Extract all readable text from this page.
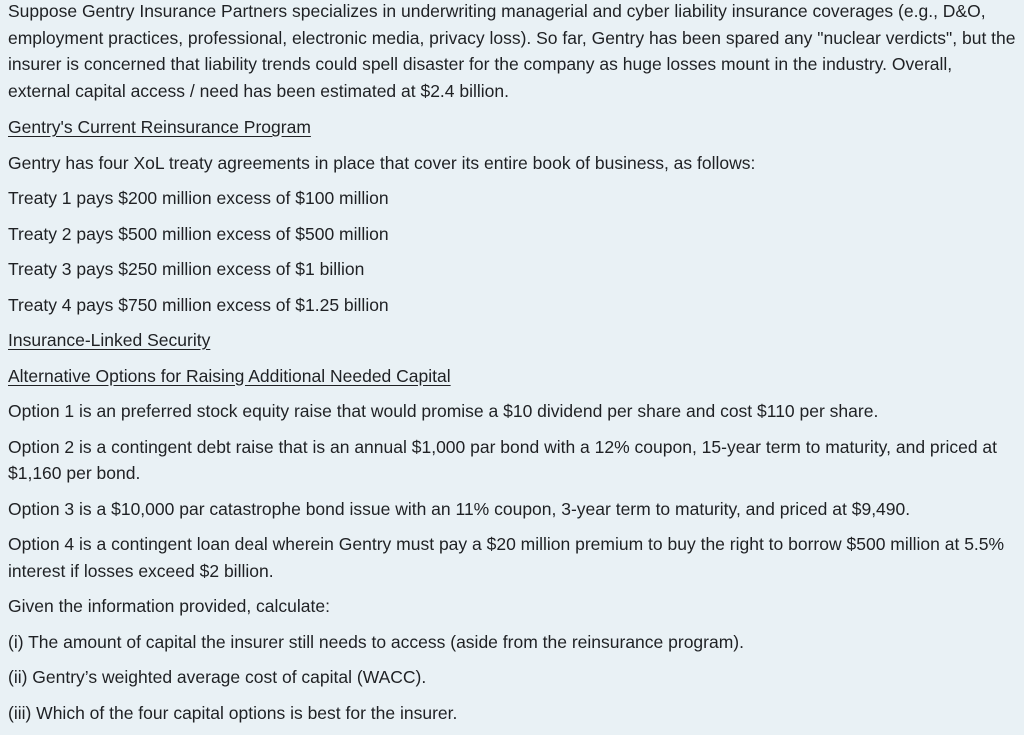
Suppose Gentry Insurance Partners specializes in underwriting managerial and cyber liability insurance coverages (e.g., D&O, employment practices, professional, electronic media, privacy loss). So far, Gentry has been spared any "nuclear verdicts", but the insurer is concerned that liability trends could spell disaster for the company as huge losses mount in the industry. Overall, external capital access / need has been estimated at $2.4 billion.

Gentry's Current Reinsurance Program

Gentry has four XoL treaty agreements in place that cover its entire book of business, as follows:

Treaty 1 pays $200 million excess of $100 million

Treaty 2 pays $500 million excess of $500 million

Treaty 3 pays $250 million excess of $1 billion

Treaty 4 pays $750 million excess of $1.25 billion

Insurance-Linked Security

Alternative Options for Raising Additional Needed Capital

Option 1 is an preferred stock equity raise that would promise a $10 dividend per share and cost $110 per share.

Option 2 is a contingent debt raise that is an annual $1,000 par bond with a 12% coupon, 15-year term to maturity, and priced at $1,160 per bond.

Option 3 is a $10,000 par catastrophe bond issue with an 11% coupon, 3-year term to maturity, and priced at $9,490.

Option 4 is a contingent loan deal wherein Gentry must pay a $20 million premium to buy the right to borrow $500 million at 5.5% interest if losses exceed $2 billion.

Given the information provided, calculate:

(i) The amount of capital the insurer still needs to access (aside from the reinsurance program).

(ii) Gentry’s weighted average cost of capital (WACC).

(iii) Which of the four capital options is best for the insurer.
